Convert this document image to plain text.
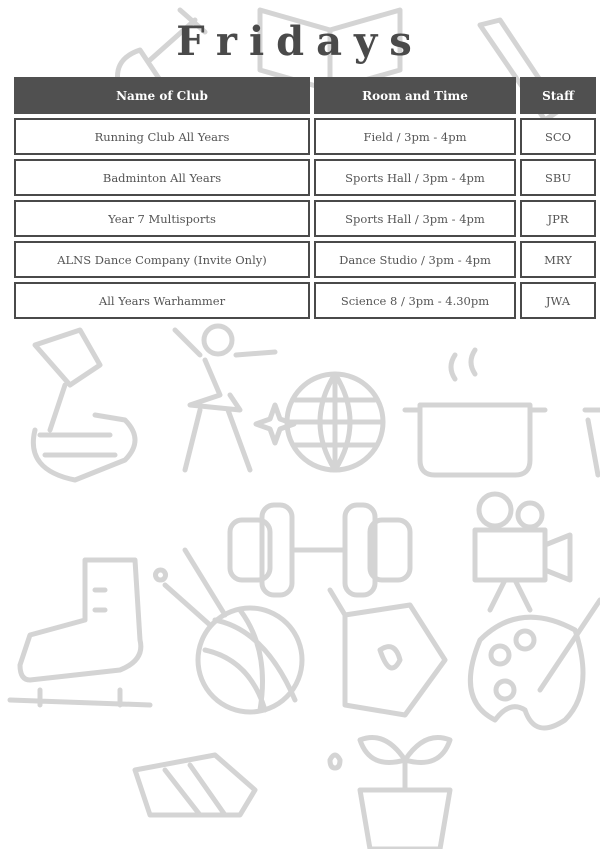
Fridays
Name of Club	Room and Time	Staff
Running Club All Years	Field / 3pm - 4pm	SCO
Badminton All Years	Sports Hall / 3pm - 4pm	SBU
Year 7 Multisports	Sports Hall / 3pm - 4pm	JPR
ALNS Dance Company (Invite Only)	Dance Studio / 3pm - 4pm	MRY
All Years Warhammer	Science 8 / 3pm - 4.30pm	JWA
